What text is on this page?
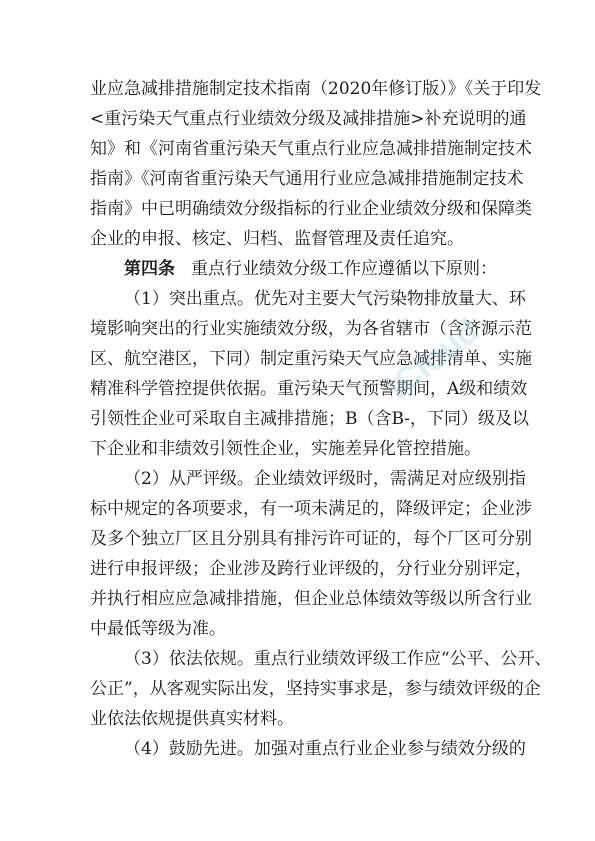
业应急减排措施制定技术指南（2020年修订版）》《关于印发
<重污染天气重点行业绩效分级及减排措施>补充说明的通
知》和《河南省重污染天气重点行业应急减排措施制定技术
指南》《河南省重污染天气通用行业应急减排措施制定技术
指南》中已明确绩效分级指标的行业企业绩效分级和保障类
企业的申报、核定、归档、监督管理及责任追究。
第四条 重点行业绩效分级工作应遵循以下原则：
（1）突出重点。优先对主要大气污染物排放量大、环
境影响突出的行业实施绩效分级，为各省辖市（含济源示范
区、航空港区，下同）制定重污染天气应急减排清单、实施
精准科学管控提供依据。重污染天气预警期间，A级和绩效
引领性企业可采取自主减排措施；B（含B-，下同）级及以
下企业和非绩效引领性企业，实施差异化管控措施。
（2）从严评级。企业绩效评级时，需满足对应级别指
标中规定的各项要求，有一项未满足的，降级评定；企业涉
及多个独立厂区且分别具有排污许可证的，每个厂区可分别
进行申报评级；企业涉及跨行业评级的，分行业分别评定，
并执行相应应急减排措施，但企业总体绩效等级以所含行业
中最低等级为准。
（3）依法依规。重点行业绩效评级工作应“公平、公开、
公正”，从客观实际出发，坚持实事求是，参与绩效评级的企
业依法依规提供真实材料。
（4）鼓励先进。加强对重点行业企业参与绩效分级的
iCloud
